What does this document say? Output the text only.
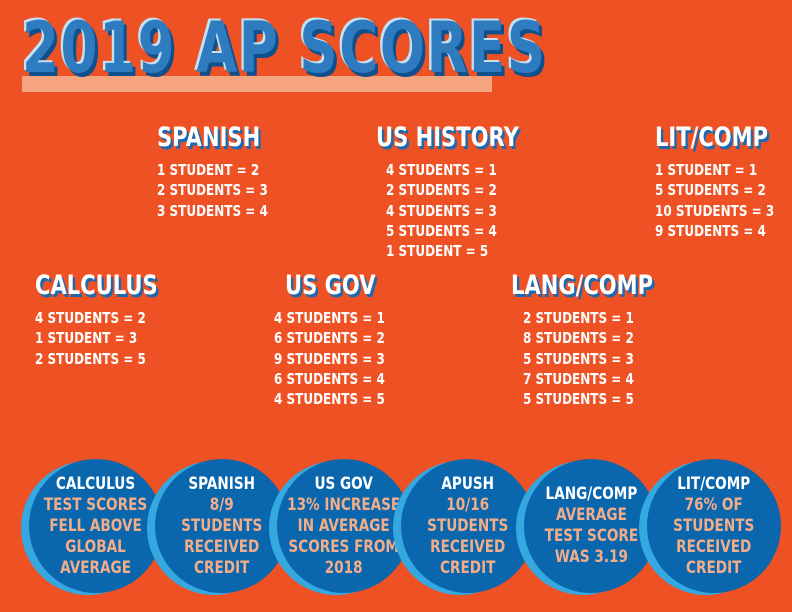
2019 AP SCORES
SPANISH
1 STUDENT = 2
2 STUDENTS = 3
3 STUDENTS = 4
US HISTORY
4 STUDENTS = 1
2 STUDENTS = 2
4 STUDENTS = 3
5 STUDENTS = 4
1 STUDENT = 5
LIT/COMP
1 STUDENT = 1
5 STUDENTS = 2
10 STUDENTS = 3
9 STUDENTS = 4
CALCULUS
4 STUDENTS = 2
1 STUDENT = 3
2 STUDENTS = 5
US GOV
4 STUDENTS = 1
6 STUDENTS = 2
9 STUDENTS = 3
6 STUDENTS = 4
4 STUDENTS = 5
LANG/COMP
2 STUDENTS = 1
8 STUDENTS = 2
5 STUDENTS = 3
7 STUDENTS = 4
5 STUDENTS = 5
CALCULUS
TEST SCORES
FELL ABOVE
GLOBAL
AVERAGE
SPANISH
8/9
STUDENTS
RECEIVED
CREDIT
US GOV
13% INCREASE
IN AVERAGE
SCORES FROM
2018
APUSH
10/16
STUDENTS
RECEIVED
CREDIT
LANG/COMP
AVERAGE
TEST SCORE
WAS 3.19
LIT/COMP
76% OF
STUDENTS
RECEIVED
CREDIT
